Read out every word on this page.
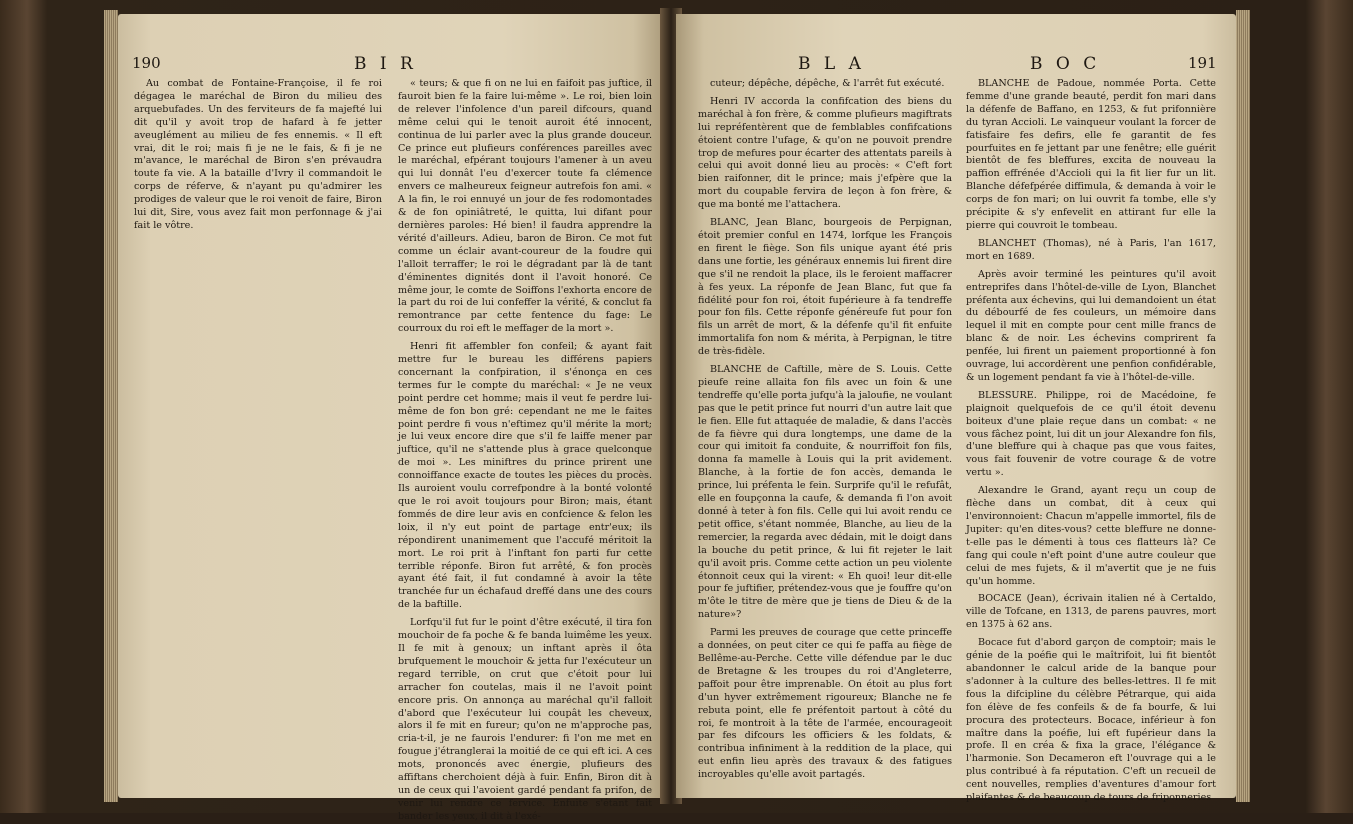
190	B I R

Au combat de Fontaine-Françoise, il fe roi dégagea le maréchal de Biron du milieu des arquebufades. Un des ferviteurs de fa majefté lui dit qu'il y avoit trop de hafard à fe jetter aveuglément au milieu de fes ennemis. « Il eft vrai, dit le roi; mais fi je ne le fais, & fi je ne m'avance, le maréchal de Biron s'en prévaudra toute fa vie. A la bataille d'Ivry il commandoit le corps de réferve, & n'ayant pu qu'admirer les prodiges de valeur que le roi venoit de faire, Biron lui dit, Sire, vous avez fait mon perfonnage & j'ai fait le vôtre.

« teurs; & que fi on ne lui en faifoit pas juftice, il fauroit bien fe la faire lui-même ». Le roi, bien loin de relever l'infolence d'un pareil difcours, quand même celui qui le tenoit auroit été innocent, continua de lui parler avec la plus grande douceur. Ce prince eut plufieurs conférences pareilles avec le maréchal, efpérant toujours l'amener à un aveu qui lui donnât l'eu d'exercer toute fa clémence envers ce malheureux feigneur autrefois fon ami. « A la fin, le roi ennuyé un jour de fes rodomontades & de fon opiniâtreté, le quitta, lui difant pour dernières paroles: Hé bien! il faudra apprendre la vérité d'ailleurs. Adieu, baron de Biron. Ce mot fut comme un éclair avant-coureur de la foudre qui l'alloit terraffer; le roi le dégradant par là de tant d'éminentes dignités dont il l'avoit honoré. Ce même jour, le comte de Soiffons l'exhorta encore de la part du roi de lui confeffer la vérité, & conclut fa remontrance par cette fentence du fage: Le courroux du roi eft le meffager de la mort ».

Henri fit affembler fon confeil; & ayant fait mettre fur le bureau les différens papiers concernant la confpiration, il s'énonça en ces termes fur le compte du maréchal: « Je ne veux point perdre cet homme; mais il veut fe perdre lui-même de fon bon gré: cependant ne me le faites point perdre fi vous n'eftimez qu'il mérite la mort; je lui veux encore dire que s'il fe laiffe mener par juftice, qu'il ne s'attende plus à grace quelconque de moi ». Les miniftres du prince prirent une connoiffance exacte de toutes les pièces du procès. Ils auroient voulu correfpondre à la bonté volonté que le roi avoit toujours pour Biron; mais, étant fommés de dire leur avis en confcience & felon les loix, il n'y eut point de partage entr'eux; ils répondirent unanimement que l'accufé méritoit la mort. Le roi prit à l'inftant fon parti fur cette terrible réponfe. Biron fut arrêté, & fon procès ayant été fait, il fut condamné à avoir la tête tranchée fur un échafaud dreffé dans une des cours de la baftille.

Lorfqu'il fut fur le point d'être exécuté, il tira fon mouchoir de fa poche & fe banda luimême les yeux. Il fe mit à genoux; un inftant après il ôta brufquement le mouchoir & jetta fur l'exécuteur un regard terrible, on crut que c'étoit pour lui arracher fon coutelas, mais il ne l'avoit point encore pris. On annonça au maréchal qu'il falloit d'abord que l'exécuteur lui coupât les cheveux, alors il fe mit en fureur; qu'on ne m'approche pas, cria-t-il, je ne faurois l'endurer: fi l'on me met en fougue j'étranglerai la moitié de ce qui eft ici. A ces mots, prononcés avec énergie, plufieurs des affiftans cherchoient déjà à fuir. Enfin, Biron dit à un de ceux qui l'avoient gardé pendant fa prifon, de venir lui rendre ce fervice. Enfuite s'étant fait bander les yeux, il dit à l'exé-

B L A	B O C	191

cuteur; dépêche, dépêche, & l'arrêt fut exécuté.

Henri IV accorda la confifcation des biens du maréchal à fon frère, & comme plufieurs magiftrats lui repréfentèrent que de femblables confifcations étoient contre l'ufage, & qu'on ne pouvoit prendre trop de mefures pour écarter des attentats pareils à celui qui avoit donné lieu au procès: « C'eft fort bien raifonner, dit le prince; mais j'efpère que la mort du coupable fervira de leçon à fon frère, & que ma bonté me l'attachera.

BLANC, Jean Blanc, bourgeois de Perpignan, étoit premier conful en 1474, lorfque les François en firent le fiège. Son fils unique ayant été pris dans une fortie, les généraux ennemis lui firent dire que s'il ne rendoit la place, ils le feroient maffacrer à fes yeux. La réponfe de Jean Blanc, fut que fa fidélité pour fon roi, étoit fupérieure à fa tendreffe pour fon fils. Cette réponfe généreufe fut pour fon fils un arrêt de mort, & la défenfe qu'il fit enfuite immortalifa fon nom & mérita, à Perpignan, le titre de très-fidèle.

BLANCHE de Caftille, mère de S. Louis. Cette pieufe reine allaita fon fils avec un foin & une tendreffe qu'elle porta jufqu'à la jaloufie, ne voulant pas que le petit prince fut nourri d'un autre lait que le fien. Elle fut attaquée de maladie, & dans l'accès de fa fièvre qui dura longtemps, une dame de la cour qui imitoit fa conduite, & nourriffoit fon fils, donna fa mamelle à Louis qui la prit avidement. Blanche, à la fortie de fon accès, demanda le prince, lui préfenta le fein. Surprife qu'il le refufât, elle en foupçonna la caufe, & demanda fi l'on avoit donné à teter à fon fils. Celle qui lui avoit rendu ce petit office, s'étant nommée, Blanche, au lieu de la remercier, la regarda avec dédain, mit le doigt dans la bouche du petit prince, & lui fit rejeter le lait qu'il avoit pris. Comme cette action un peu violente étonnoit ceux qui la virent: « Eh quoi! leur dit-elle pour fe juftifier, prétendez-vous que je fouffre qu'on m'ôte le titre de mère que je tiens de Dieu & de la nature»?

Parmi les preuves de courage que cette princeffe a données, on peut citer ce qui fe paffa au fiège de Bellême-au-Perche. Cette ville défendue par le duc de Bretagne & les troupes du roi d'Angleterre, paffoit pour être imprenable. On étoit au plus fort d'un hyver extrêmement rigoureux; Blanche ne fe rebuta point, elle fe préfentoit partout à côté du roi, fe montroit à la tête de l'armée, encourageoit par fes difcours les officiers & les foldats, & contribua infiniment à la reddition de la place, qui eut enfin lieu après des travaux & des fatigues incroyables qu'elle avoit partagés.

BLANCHE de Padoue, nommée Porta. Cette femme d'une grande beauté, perdit fon mari dans la défenfe de Baffano, en 1253, & fut prifonnière du tyran Accioli. Le vainqueur voulant la forcer de fatisfaire fes defirs, elle fe garantit de fes pourfuites en fe jettant par une fenêtre; elle guérit bientôt de fes bleffures, excita de nouveau la paffion effrénée d'Accioli qui la fit lier fur un lit. Blanche défefpérée diffimula, & demanda à voir le corps de fon mari; on lui ouvrit fa tombe, elle s'y précipite & s'y enfevelit en attirant fur elle la pierre qui couvroit le tombeau.

BLANCHET (Thomas), né à Paris, l'an 1617, mort en 1689.

Après avoir terminé les peintures qu'il avoit entreprifes dans l'hôtel-de-ville de Lyon, Blanchet préfenta aux échevins, qui lui demandoient un état du débourfé de fes couleurs, un mémoire dans lequel il mit en compte pour cent mille francs de blanc & de noir. Les échevins comprirent fa penfée, lui firent un paiement proportionné à fon ouvrage, lui accordèrent une penfion confidérable, & un logement pendant fa vie à l'hôtel-de-ville.

BLESSURE. Philippe, roi de Macédoine, fe plaignoit quelquefois de ce qu'il étoit devenu boiteux d'une plaie reçue dans un combat: « ne vous fâchez point, lui dit un jour Alexandre fon fils, d'une bleffure qui à chaque pas que vous faites, vous fait fouvenir de votre courage & de votre vertu ».

Alexandre le Grand, ayant reçu un coup de flèche dans un combat, dit à ceux qui l'environnoient: Chacun m'appelle immortel, fils de Jupiter: qu'en dites-vous? cette bleffure ne donne-t-elle pas le démenti à tous ces flatteurs là? Ce fang qui coule n'eft point d'une autre couleur que celui de mes fujets, & il m'avertit que je ne fuis qu'un homme.

BOCACE (Jean), écrivain italien né à Certaldo, ville de Tofcane, en 1313, de parens pauvres, mort en 1375 à 62 ans.

Bocace fut d'abord garçon de comptoir; mais le génie de la poéfie qui le maîtrifoit, lui fit bientôt abandonner le calcul aride de la banque pour s'adonner à la culture des belles-lettres. Il fe mit fous la difcipline du célèbre Pétrarque, qui aida fon élève de fes confeils & de fa bourfe, & lui procura des protecteurs. Bocace, inférieur à fon maître dans la poéfie, lui eft fupérieur dans la profe. Il en créa & fixa la grace, l'élégance & l'harmonie. Son Decameron eft l'ouvrage qui a le plus contribué à fa réputation. C'eft un recueil de cent nouvelles, remplies d'aventures d'amour fort plaifantes & de beaucoup de tours de friponneries
